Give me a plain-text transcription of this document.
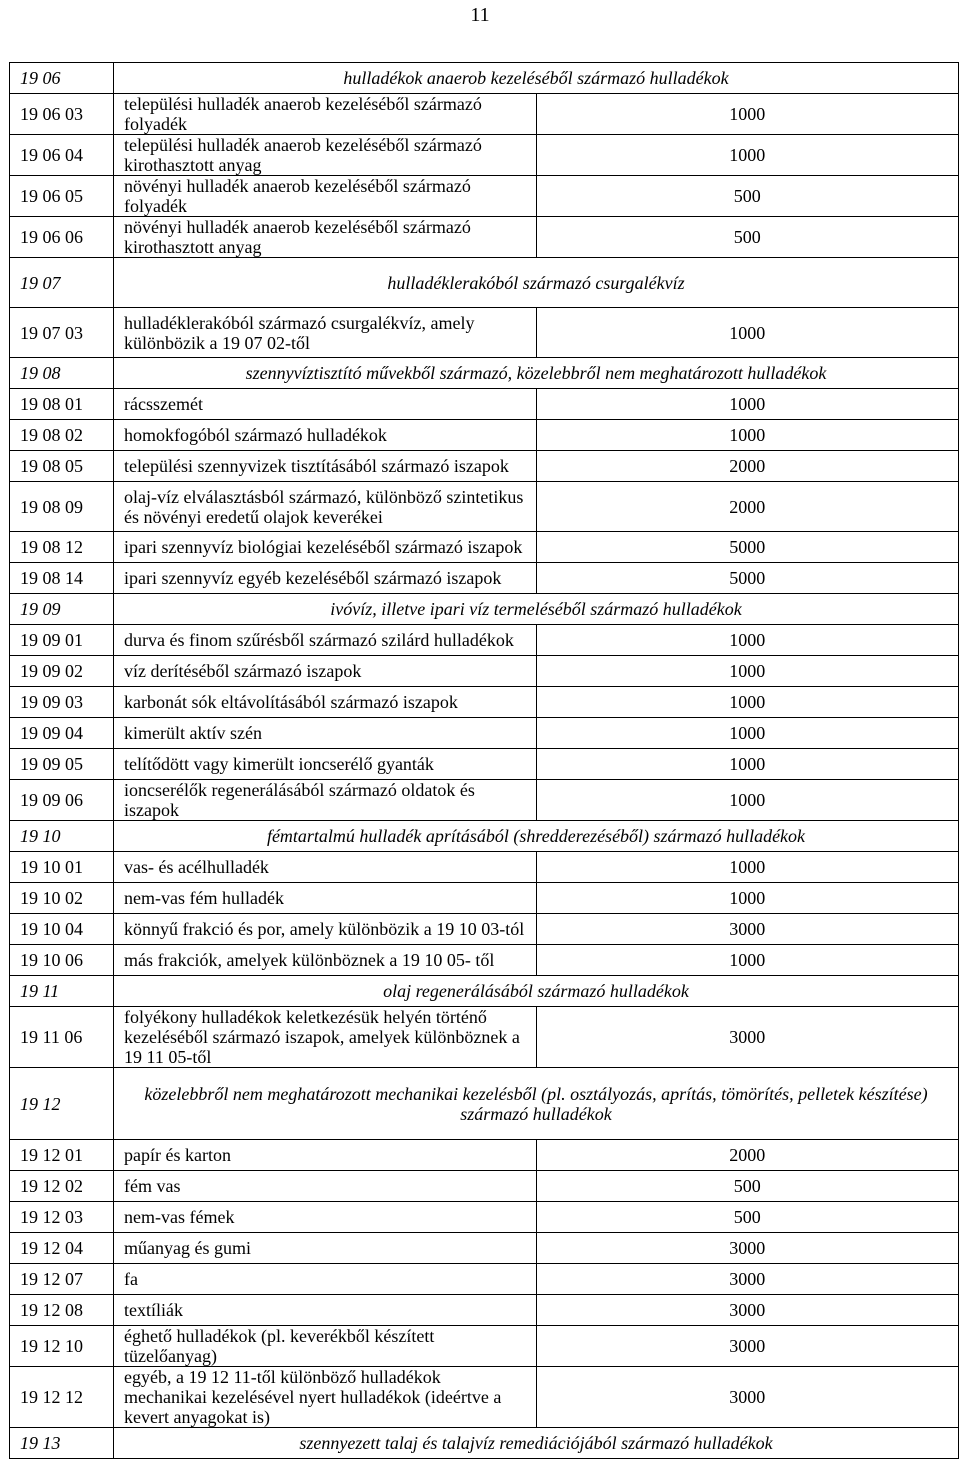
11
19 06	hulladékok anaerob kezeléséből származó hulladékok	
19 06 03	települési hulladék anaerob kezeléséből származó folyadék	1000
19 06 04	települési hulladék anaerob kezeléséből származó kirothasztott anyag	1000
19 06 05	növényi hulladék anaerob kezeléséből származó folyadék	500
19 06 06	növényi hulladék anaerob kezeléséből származó kirothasztott anyag	500
19 07	hulladéklerakóból származó csurgalékvíz	
19 07 03	hulladéklerakóból származó csurgalékvíz, amely különbözik a 19 07 02-től	1000
19 08	szennyvíztisztító művekből származó, közelebbről nem meghatározott hulladékok	
19 08 01	rácsszemét	1000
19 08 02	homokfogóból származó hulladékok	1000
19 08 05	települési szennyvizek tisztításából származó iszapok	2000
19 08 09	olaj-víz elválasztásból származó, különböző szintetikus és növényi eredetű olajok keverékei	2000
19 08 12	ipari szennyvíz biológiai kezeléséből származó iszapok	5000
19 08 14	ipari szennyvíz egyéb kezeléséből származó iszapok	5000
19 09	ivóvíz, illetve ipari víz termeléséből származó hulladékok	
19 09 01	durva és finom szűrésből származó szilárd hulladékok	1000
19 09 02	víz derítéséből származó iszapok	1000
19 09 03	karbonát sók eltávolításából származó iszapok	1000
19 09 04	kimerült aktív szén	1000
19 09 05	telítődött vagy kimerült ioncserélő gyanták	1000
19 09 06	ioncserélők regenerálásából származó oldatok és iszapok	1000
19 10	fémtartalmú hulladék aprításából (shredderezéséből) származó hulladékok	
19 10 01	vas- és acélhulladék	1000
19 10 02	nem-vas fém hulladék	1000
19 10 04	könnyű frakció és por, amely különbözik a 19 10 03-tól	3000
19 10 06	más frakciók, amelyek különböznek a 19 10 05- től	1000
19 11	olaj regenerálásából származó hulladékok	
19 11 06	folyékony hulladékok keletkezésük helyén történő kezeléséből származó iszapok, amelyek különböznek a 19 11 05-től	3000
19 12	közelebbről nem meghatározott mechanikai kezelésből (pl. osztályozás, aprítás, tömörítés, pelletek készítése) származó hulladékok	
19 12 01	papír és karton	2000
19 12 02	fém vas	500
19 12 03	nem-vas fémek	500
19 12 04	műanyag és gumi	3000
19 12 07	fa	3000
19 12 08	textíliák	3000
19 12 10	éghető hulladékok (pl. keverékből készített tüzelőanyag)	3000
19 12 12	egyéb, a 19 12 11-től különböző hulladékok mechanikai kezelésével nyert hulladékok (ideértve a kevert anyagokat is)	3000
19 13	szennyezett talaj és talajvíz remediációjából származó hulladékok	
